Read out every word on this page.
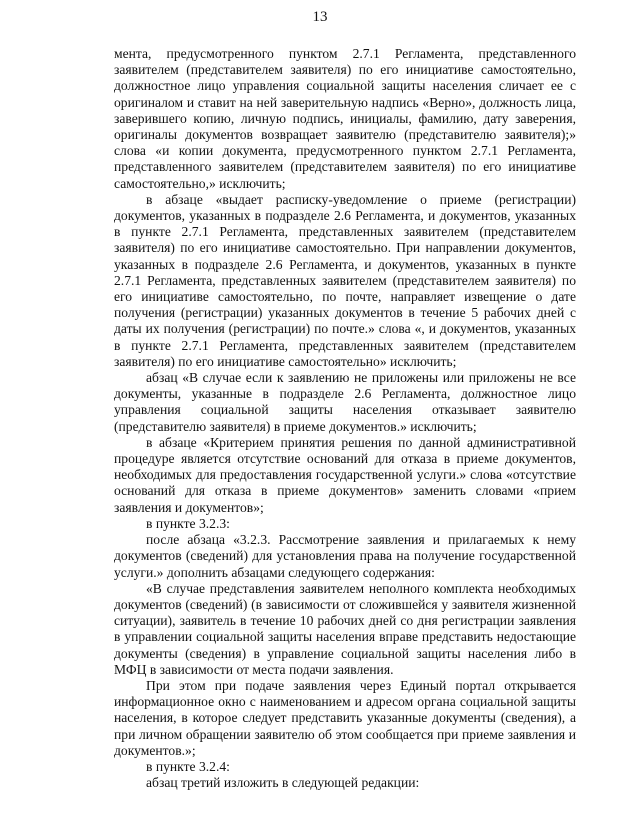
13

мента, предусмотренного пунктом 2.7.1 Регламента, представленного заявителем (представителем заявителя) по его инициативе самостоятельно, должностное лицо управления социальной защиты населения сличает ее с оригиналом и ставит на ней заверительную надпись «Верно», должность лица, заверившего копию, личную подпись, инициалы, фамилию, дату заверения, оригиналы документов возвращает заявителю (представителю заявителя);» слова «и копии документа, предусмотренного пунктом 2.7.1 Регламента, представленного заявителем (представителем заявителя) по его инициативе самостоятельно,» исключить;

в абзаце «выдает расписку-уведомление о приеме (регистрации) документов, указанных в подразделе 2.6 Регламента, и документов, указанных в пункте 2.7.1 Регламента, представленных заявителем (представителем заявителя) по его инициативе самостоятельно. При направлении документов, указанных в подразделе 2.6 Регламента, и документов, указанных в пункте 2.7.1 Регламента, представленных заявителем (представителем заявителя) по его инициативе самостоятельно, по почте, направляет извещение о дате получения (регистрации) указанных документов в течение 5 рабочих дней с даты их получения (регистрации) по почте.» слова «, и документов, указанных в пункте 2.7.1 Регламента, представленных заявителем (представителем заявителя) по его инициативе самостоятельно» исключить;

абзац «В случае если к заявлению не приложены или приложены не все документы, указанные в подразделе 2.6 Регламента, должностное лицо управления социальной защиты населения отказывает заявителю (представителю заявителя) в приеме документов.» исключить;

в абзаце «Критерием принятия решения по данной административной процедуре является отсутствие оснований для отказа в приеме документов, необходимых для предоставления государственной услуги.» слова «отсутствие оснований для отказа в приеме документов» заменить словами «прием заявления и документов»;

в пункте 3.2.3:

после абзаца «3.2.3. Рассмотрение заявления и прилагаемых к нему документов (сведений) для установления права на получение государственной услуги.» дополнить абзацами следующего содержания:

«В случае представления заявителем неполного комплекта необходимых документов (сведений) (в зависимости от сложившейся у заявителя жизненной ситуации), заявитель в течение 10 рабочих дней со дня регистрации заявления в управлении социальной защиты населения вправе представить недостающие документы (сведения) в управление социальной защиты населения либо в МФЦ в зависимости от места подачи заявления.

При этом при подаче заявления через Единый портал открывается информационное окно с наименованием и адресом органа социальной защиты населения, в которое следует представить указанные документы (сведения), а при личном обращении заявителю об этом сообщается при приеме заявления и документов.»;

в пункте 3.2.4:

абзац третий изложить в следующей редакции:
